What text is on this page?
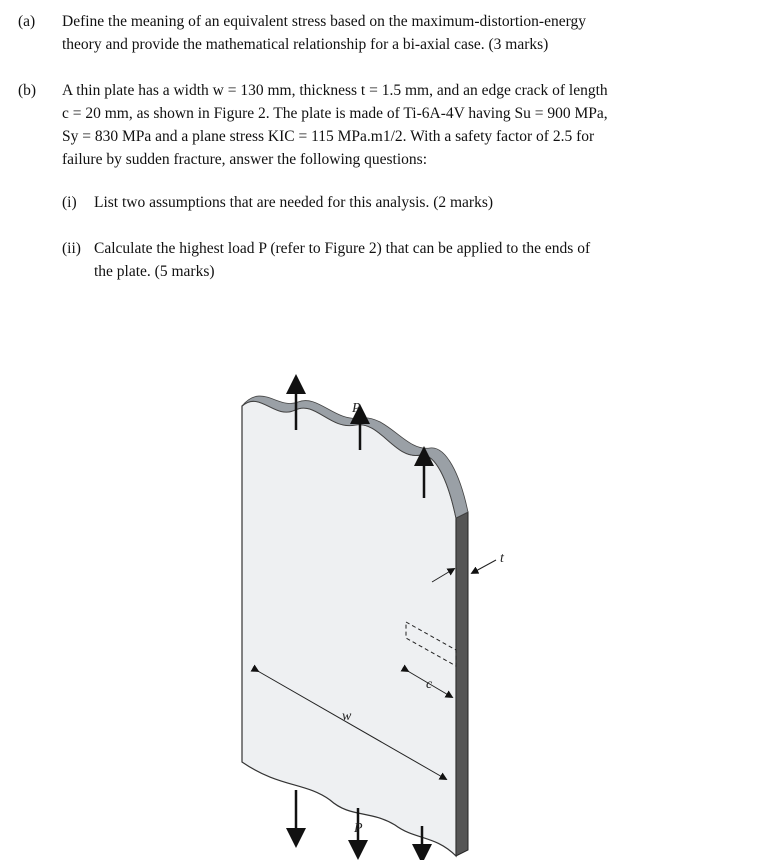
(a) Define the meaning of an equivalent stress based on the maximum-distortion-energy
theory and provide the mathematical relationship for a bi-axial case. (3 marks)
(b) A thin plate has a width w = 130 mm, thickness t = 1.5 mm, and an edge crack of length
c = 20 mm, as shown in Figure 2. The plate is made of Ti-6A-4V having Su = 900 MPa,
Sy = 830 MPa and a plane stress KIC = 115 MPa.m1/2. With a safety factor of 2.5 for
failure by sudden fracture, answer the following questions:
(i) List two assumptions that are needed for this analysis. (2 marks)
(ii) Calculate the highest load P (refer to Figure 2) that can be applied to the ends of
the plate. (5 marks)
P
P
w
c
t
